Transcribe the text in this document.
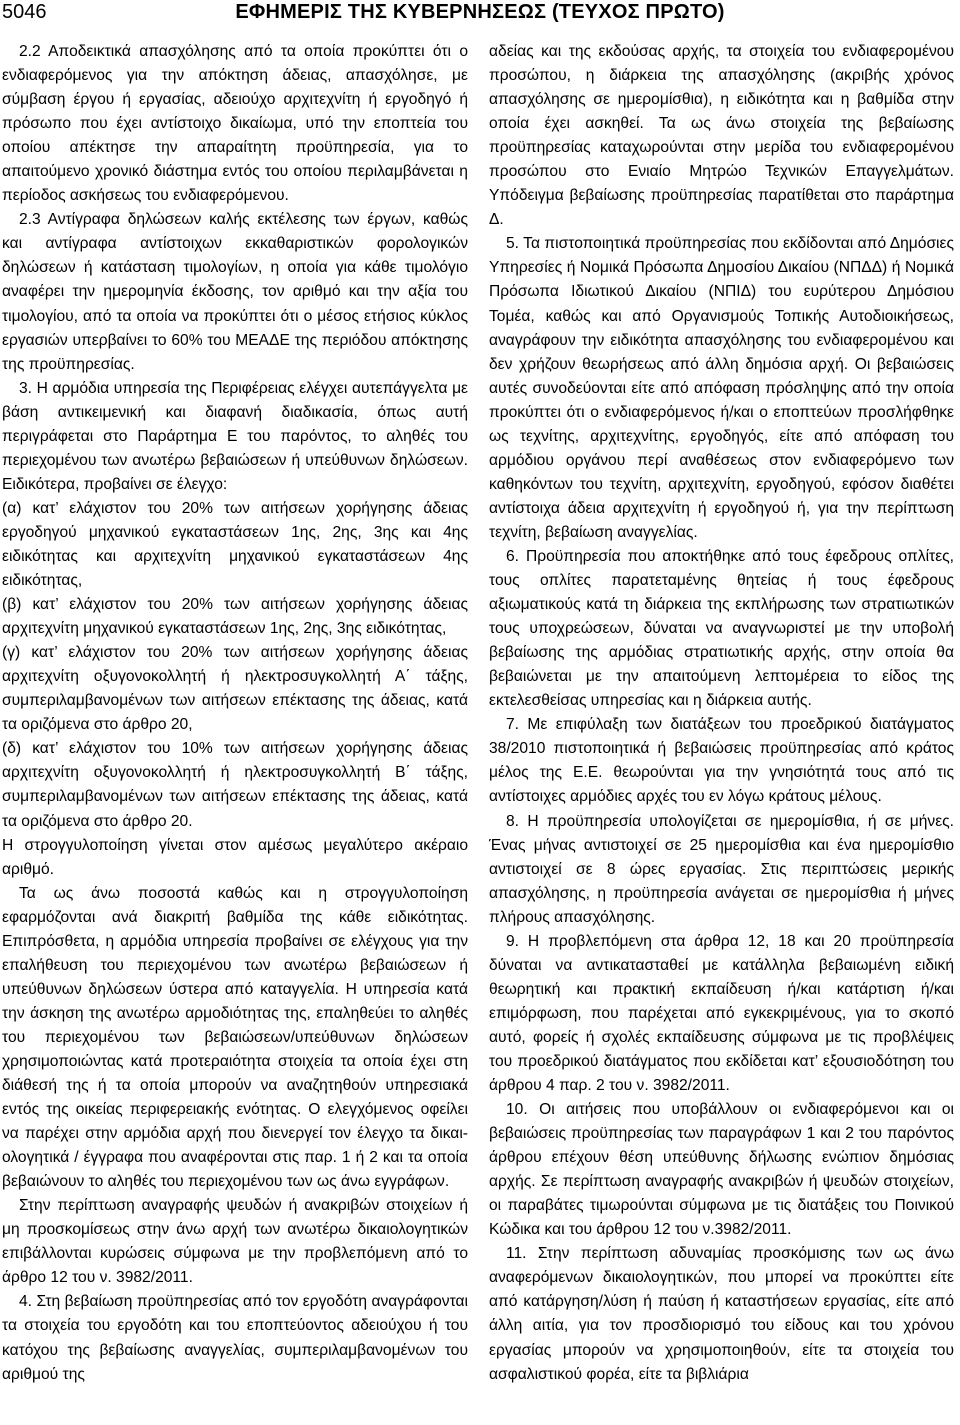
5046	ΕΦΗΜΕΡΙΣ ΤΗΣ ΚΥΒΕΡΝΗΣΕΩΣ (ΤΕΥΧΟΣ ΠΡΩΤΟ)

2.2 Αποδεικτικά απασχόλησης από τα οποία προκύπτει ότι ο ενδιαφερόμενος για την απόκτηση άδειας, απασχόλησε, με σύμβαση έργου ή εργασίας, αδειούχο αρχιτεχνίτη ή εργοδηγό ή πρόσωπο που έχει αντίστοιχο δικαίωμα, υπό την εποπτεία του οποίου απέκτησε την απαραίτητη προϋπηρεσία, για το απαιτούμενο χρονικό διάστημα εντός του οποίου περιλαμβάνεται η περίοδος ασκήσεως του ενδιαφερόμενου.

2.3 Αντίγραφα δηλώσεων καλής εκτέλεσης των έργων, καθώς και αντίγραφα αντίστοιχων εκκαθαριστικών φορολογικών δηλώσεων ή κατάσταση τιμολογίων, η οποία για κάθε τιμολόγιο αναφέρει την ημερομηνία έκδοσης, τον αριθμό και την αξία του τιμολογίου, από τα οποία να προκύπτει ότι ο μέσος ετήσιος κύκλος εργασιών υπερβαίνει το 60% του ΜΕΑΔΕ της περιόδου απόκτησης της προϋπηρεσίας.

3. Η αρμόδια υπηρεσία της Περιφέρειας ελέγχει αυτεπάγγελτα με βάση αντικειμενική και διαφανή διαδικασία, όπως αυτή περιγράφεται στο Παράρτημα Ε του παρόντος, το αληθές του περιεχομένου των ανωτέρω βεβαιώσεων ή υπεύθυνων δηλώσεων. Ειδικότερα, προβαίνει σε έλεγχο:

(α) κατ’ ελάχιστον του 20% των αιτήσεων χορήγησης άδειας εργοδηγού μηχανικού εγκαταστάσεων 1ης, 2ης, 3ης και 4ης ειδικότητας και αρχιτεχνίτη μηχανικού εγκαταστάσεων 4ης ειδικότητας,

(β) κατ’ ελάχιστον του 20% των αιτήσεων χορήγησης άδειας αρχιτεχνίτη μηχανικού εγκαταστάσεων 1ης, 2ης, 3ης ειδικότητας,

(γ) κατ’ ελάχιστον του 20% των αιτήσεων χορήγησης άδειας αρχιτεχνίτη οξυγονοκολλητή ή ηλεκτροσυγκολλητή Α΄ τάξης, συμπεριλαμβανομένων των αιτήσεων επέκτασης της άδειας, κατά τα οριζόμενα στο άρθρο 20,

(δ) κατ’ ελάχιστον του 10% των αιτήσεων χορήγησης άδειας αρχιτεχνίτη οξυγονοκολλητή ή ηλεκτροσυγκολλητή Β΄ τάξης, συμπεριλαμβανομένων των αιτήσεων επέκτασης της άδειας, κατά τα οριζόμενα στο άρθρο 20.

Η στρογγυλοποίηση γίνεται στον αμέσως μεγαλύτερο ακέραιο αριθμό.

Τα ως άνω ποσοστά καθώς και η στρογγυλοποίηση εφαρμόζονται ανά διακριτή βαθμίδα της κάθε ειδικότητας. Επιπρόσθετα, η αρμόδια υπηρεσία προβαίνει σε ελέγχους για την επαλήθευση του περιεχομένου των ανωτέρω βεβαιώσεων ή υπεύθυνων δηλώσεων ύστερα από καταγγελία. Η υπηρεσία κατά την άσκηση της ανωτέρω αρμοδιότητας της, επαληθεύει το αληθές του περιεχομένου των βεβαιώσεων/υπεύθυνων δηλώσεων χρησιμοποιώντας κατά προτεραιότητα στοιχεία τα οποία έχει στη διάθεσή της ή τα οποία μπορούν να αναζητηθούν υπηρεσιακά εντός της οικείας περιφερειακής ενότητας. Ο ελεγχόμενος οφείλει να παρέχει στην αρμόδια αρχή που διενεργεί τον έλεγχο τα δικαιολογητικά / έγγραφα που αναφέρονται στις παρ. 1 ή 2 και τα οποία βεβαιώνουν το αληθές του περιεχομένου των ως άνω εγγράφων.

Στην περίπτωση αναγραφής ψευδών ή ανακριβών στοιχείων ή μη προσκομίσεως στην άνω αρχή των ανωτέρω δικαιολογητικών επιβάλλονται κυρώσεις σύμφωνα με την προβλεπόμενη από το άρθρο 12 του ν. 3982/2011.

4. Στη βεβαίωση προϋπηρεσίας από τον εργοδότη αναγράφονται τα στοιχεία του εργοδότη και του εποπτεύοντος αδειούχου ή του κατόχου της βεβαίωσης αναγγελίας, συμπεριλαμβανομένων του αριθμού της

αδείας και της εκδούσας αρχής, τα στοιχεία του ενδιαφερομένου προσώπου, η διάρκεια της απασχόλησης (ακριβής χρόνος απασχόλησης σε ημερομίσθια), η ειδικότητα και η βαθμίδα στην οποία έχει ασκηθεί. Τα ως άνω στοιχεία της βεβαίωσης προϋπηρεσίας καταχωρούνται στην μερίδα του ενδιαφερομένου προσώπου στο Ενιαίο Μητρώο Τεχνικών Επαγγελμάτων. Υπόδειγμα βεβαίωσης προϋπηρεσίας παρατίθεται στο παράρτημα Δ.

5. Τα πιστοποιητικά προϋπηρεσίας που εκδίδονται από Δημόσιες Υπηρεσίες ή Νομικά Πρόσωπα Δημοσίου Δικαίου (ΝΠΔΔ) ή Νομικά Πρόσωπα Ιδιωτικού Δικαίου (ΝΠΙΔ) του ευρύτερου Δημόσιου Τομέα, καθώς και από Οργανισμούς Τοπικής Αυτοδιοικήσεως, αναγράφουν την ειδικότητα απασχόλησης του ενδιαφερομένου και δεν χρήζουν θεωρήσεως από άλλη δημόσια αρχή. Οι βεβαιώσεις αυτές συνοδεύονται είτε από απόφαση πρόσληψης από την οποία προκύπτει ότι ο ενδιαφερόμενος ή/και ο εποπτεύων προσλήφθηκε ως τεχνίτης, αρχιτεχνίτης, εργοδηγός, είτε από απόφαση του αρμόδιου οργάνου περί αναθέσεως στον ενδιαφερόμενο των καθηκόντων του τεχνίτη, αρχιτεχνίτη, εργοδηγού, εφόσον διαθέτει αντίστοιχα άδεια αρχιτεχνίτη ή εργοδηγού ή, για την περίπτωση τεχνίτη, βεβαίωση αναγγελίας.

6. Προϋπηρεσία που αποκτήθηκε από τους έφεδρους οπλίτες, τους οπλίτες παρατεταμένης θητείας ή τους έφεδρους αξιωματικούς κατά τη διάρκεια της εκπλήρωσης των στρατιωτικών τους υποχρεώσεων, δύναται να αναγνωριστεί με την υποβολή βεβαίωσης της αρμόδιας στρατιωτικής αρχής, στην οποία θα βεβαιώνεται με την απαιτούμενη λεπτομέρεια το είδος της εκτελεσθείσας υπηρεσίας και η διάρκεια αυτής.

7. Με επιφύλαξη των διατάξεων του προεδρικού διατάγματος 38/2010 πιστοποιητικά ή βεβαιώσεις προϋπηρεσίας από κράτος μέλος της Ε.Ε. θεωρούνται για την γνησιότητά τους από τις αντίστοιχες αρμόδιες αρχές του εν λόγω κράτους μέλους.

8. Η προϋπηρεσία υπολογίζεται σε ημερομίσθια, ή σε μήνες. Ένας μήνας αντιστοιχεί σε 25 ημερομίσθια και ένα ημερομίσθιο αντιστοιχεί σε 8 ώρες εργασίας. Στις περιπτώσεις μερικής απασχόλησης, η προϋπηρεσία ανάγεται σε ημερομίσθια ή μήνες πλήρους απασχόλησης.

9. Η προβλεπόμενη στα άρθρα 12, 18 και 20 προϋπηρεσία δύναται να αντικατασταθεί με κατάλληλα βεβαιωμένη ειδική θεωρητική και πρακτική εκπαίδευση ή/και κατάρτιση ή/και επιμόρφωση, που παρέχεται από εγκεκριμένους, για το σκοπό αυτό, φορείς ή σχολές εκπαίδευσης σύμφωνα με τις προβλέψεις του προεδρικού διατάγματος που εκδίδεται κατ’ εξουσιοδότηση του άρθρου 4 παρ. 2 του ν. 3982/2011.

10. Οι αιτήσεις που υποβάλλουν οι ενδιαφερόμενοι και οι βεβαιώσεις προϋπηρεσίας των παραγράφων 1 και 2 του παρόντος άρθρου επέχουν θέση υπεύθυνης δήλωσης ενώπιον δημόσιας αρχής. Σε περίπτωση αναγραφής ανακριβών ή ψευδών στοιχείων, οι παραβάτες τιμωρούνται σύμφωνα με τις διατάξεις του Ποινικού Κώδικα και του άρθρου 12 του ν.3982/2011.

11. Στην περίπτωση αδυναμίας προσκόμισης των ως άνω αναφερόμενων δικαιολογητικών, που μπορεί να προκύπτει είτε από κατάργηση/λύση ή παύση ή καταστήσεων εργασίας, είτε από άλλη αιτία, για τον προσδιορισμό του είδους και του χρόνου εργασίας μπορούν να χρησιμοποιηθούν, είτε τα στοιχεία του ασφαλιστικού φορέα, είτε τα βιβλιάρια
